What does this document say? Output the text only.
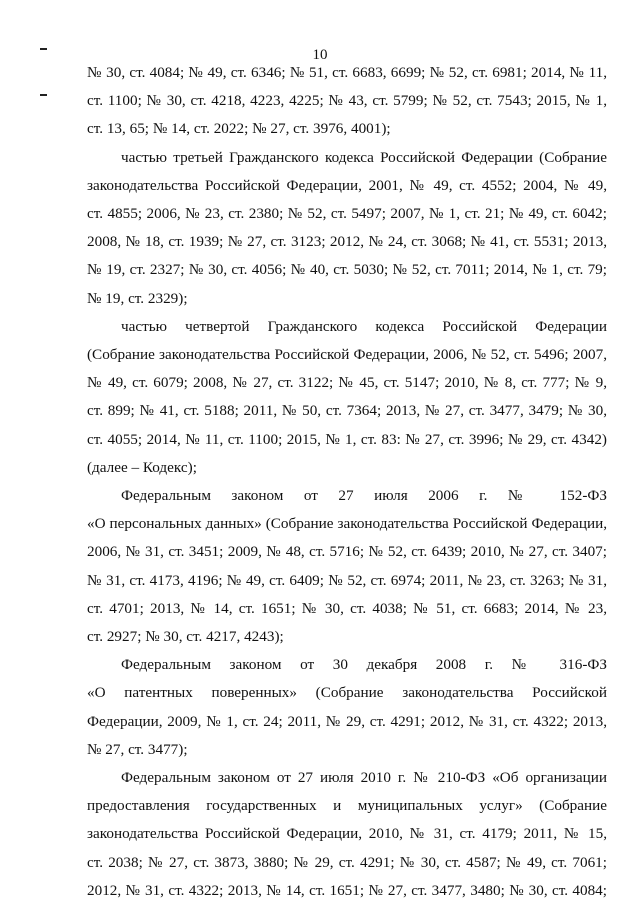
10
№ 30, ст. 4084; № 49, ст. 6346; № 51, ст. 6683, 6699; № 52, ст. 6981; 2014, № 11,
ст. 1100; № 30, ст. 4218, 4223, 4225; № 43, ст. 5799; № 52, ст. 7543; 2015, № 1,
ст. 13, 65; № 14, ст. 2022; № 27, ст. 3976, 4001);
частью третьей Гражданского кодекса Российской Федерации (Собрание
законодательства Российской Федерации, 2001, № 49, ст. 4552; 2004, № 49,
ст. 4855; 2006, № 23, ст. 2380; № 52, ст. 5497; 2007, № 1, ст. 21; № 49, ст. 6042;
2008, № 18, ст. 1939; № 27, ст. 3123; 2012, № 24, ст. 3068; № 41, ст. 5531; 2013,
№ 19, ст. 2327; № 30, ст. 4056; № 40, ст. 5030; № 52, ст. 7011; 2014, № 1, ст. 79;
№ 19, ст. 2329);
частью четвертой Гражданского кодекса Российской Федерации
(Собрание законодательства Российской Федерации, 2006, № 52, ст. 5496; 2007,
№ 49, ст. 6079; 2008, № 27, ст. 3122; № 45, ст. 5147; 2010, № 8, ст. 777; № 9,
ст. 899; № 41, ст. 5188; 2011, № 50, ст. 7364; 2013, № 27, ст. 3477, 3479; № 30,
ст. 4055; 2014, № 11, ст. 1100; 2015, № 1, ст. 83: № 27, ст. 3996; № 29, ст. 4342)
(далее – Кодекс);
Федеральным законом от 27 июля 2006 г. № 152-ФЗ
«О персональных данных» (Собрание законодательства Российской Федерации,
2006, № 31, ст. 3451; 2009, № 48, ст. 5716; № 52, ст. 6439; 2010, № 27, ст. 3407;
№ 31, ст. 4173, 4196; № 49, ст. 6409; № 52, ст. 6974; 2011, № 23, ст. 3263; № 31,
ст. 4701; 2013, № 14, ст. 1651; № 30, ст. 4038; № 51, ст. 6683; 2014, № 23,
ст. 2927; № 30, ст. 4217, 4243);
Федеральным законом от 30 декабря 2008 г. № 316-ФЗ
«О патентных поверенных» (Собрание законодательства Российской
Федерации, 2009, № 1, ст. 24; 2011, № 29, ст. 4291; 2012, № 31, ст. 4322; 2013,
№ 27, ст. 3477);
Федеральным законом от 27 июля 2010 г. № 210-ФЗ «Об организации
предоставления государственных и муниципальных услуг» (Собрание
законодательства Российской Федерации, 2010, № 31, ст. 4179; 2011, № 15,
ст. 2038; № 27, ст. 3873, 3880; № 29, ст. 4291; № 30, ст. 4587; № 49, ст. 7061;
2012, № 31, ст. 4322; 2013, № 14, ст. 1651; № 27, ст. 3477, 3480; № 30, ст. 4084;
